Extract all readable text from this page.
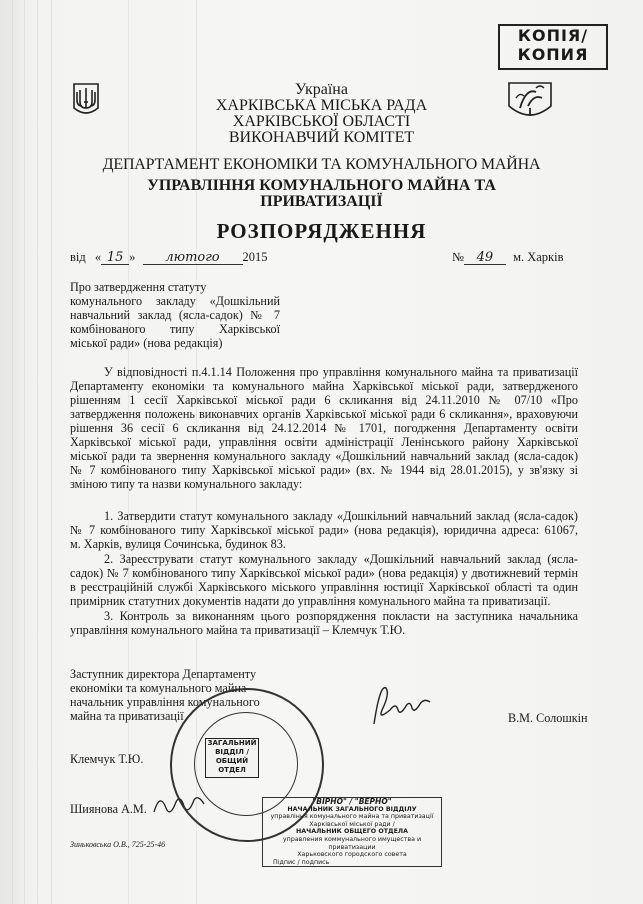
КОПІЯ/
КОПИЯ
Україна
ХАРКІВСЬКА МІСЬКА РАДА
ХАРКІВСЬКОЇ ОБЛАСТІ
ВИКОНАВЧИЙ КОМІТЕТ
ДЕПАРТАМЕНТ ЕКОНОМІКИ ТА КОМУНАЛЬНОГО МАЙНА
УПРАВЛІННЯ КОМУНАЛЬНОГО МАЙНА ТА
ПРИВАТИЗАЦІЇ
РОЗПОРЯДЖЕННЯ
від « 15 » лютого 2015	№ 49 м. Харків
Про затвердження статуту
комунального закладу «Дошкільний
навчальний заклад (ясла-садок) № 7
комбінованого типу Харківської
міської ради» (нова редакція)
У відповідності п.4.1.14 Положення про управління комунального майна та приватизації
Департаменту економіки та комунального майна Харківської міської ради, затвердженого
рішенням 1 сесії Харківської міської ради 6 скликання від 24.11.2010 № 07/10 «Про
затвердження положень виконавчих органів Харківської міської ради 6 скликання», враховуючи
рішення 36 сесії 6 скликання від 24.12.2014 № 1701, погодження Департаменту освіти
Харківської міської ради, управління освіти адміністрації Ленінського району Харківської
міської ради та звернення комунального закладу «Дошкільний навчальний заклад (ясла-садок)
№ 7 комбінованого типу Харківської міської ради» (вх. № 1944 від 28.01.2015), у зв'язку зі
зміною типу та назви комунального закладу:
1. Затвердити статут комунального закладу «Дошкільний навчальний заклад (ясла-садок)
№ 7 комбінованого типу Харківської міської ради» (нова редакція), юридична адреса: 61067,
м. Харків, вулиця Сочинська, будинок 83.
2. Зареєструвати статут комунального закладу «Дошкільний навчальний заклад (ясла-
садок) № 7 комбінованого типу Харківської міської ради» (нова редакція) у двотижневий термін
в реєстраційній службі Харківського міського управління юстиції Харківської області та один
примірник статутних документів надати до управління комунального майна та приватизації.
3. Контроль за виконанням цього розпорядження покласти на заступника начальника
управління комунального майна та приватизації – Клемчук Т.Ю.
Заступник директора Департаменту
економіки та комунального майна –
начальник управління комунального
майна та приватизації	В.М. Солошкін
Клемчук Т.Ю.
Шиянова А.М.
Зиньковська О.В., 725-25-46
ЗАГАЛЬНИЙ
ВІДДІЛ /
ОБЩИЙ ОТДЕЛ
"ВІРНО" / "ВЕРНО"
НАЧАЛЬНИК ЗАГАЛЬНОГО ВІДДІЛУ
управління комунального майна та приватизації
Харківської міської ради /
НАЧАЛЬНИК ОБЩЕГО ОТДЕЛА
управления коммунального имущества и приватизации
Харьковского городского совета
Підпис / подпись
